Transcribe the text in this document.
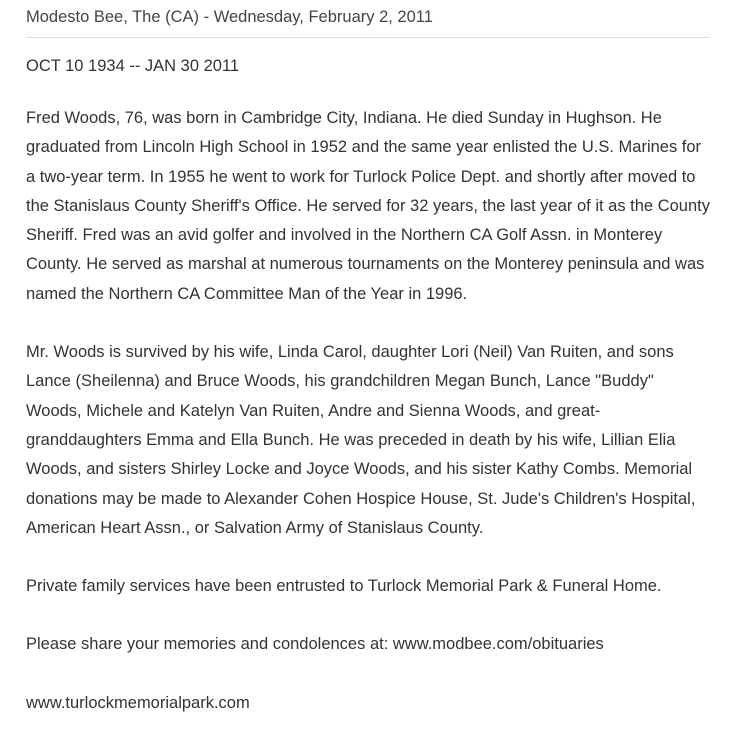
Modesto Bee, The (CA) - Wednesday, February 2, 2011
OCT 10 1934 -- JAN 30 2011

Fred Woods, 76, was born in Cambridge City, Indiana. He died Sunday in Hughson. He graduated from Lincoln High School in 1952 and the same year enlisted the U.S. Marines for a two-year term. In 1955 he went to work for Turlock Police Dept. and shortly after moved to the Stanislaus County Sheriff's Office. He served for 32 years, the last year of it as the County Sheriff. Fred was an avid golfer and involved in the Northern CA Golf Assn. in Monterey County. He served as marshal at numerous tournaments on the Monterey peninsula and was named the Northern CA Committee Man of the Year in 1996.

Mr. Woods is survived by his wife, Linda Carol, daughter Lori (Neil) Van Ruiten, and sons Lance (Sheilenna) and Bruce Woods, his grandchildren Megan Bunch, Lance "Buddy" Woods, Michele and Katelyn Van Ruiten, Andre and Sienna Woods, and great-granddaughters Emma and Ella Bunch. He was preceded in death by his wife, Lillian Elia Woods, and sisters Shirley Locke and Joyce Woods, and his sister Kathy Combs. Memorial donations may be made to Alexander Cohen Hospice House, St. Jude's Children's Hospital, American Heart Assn., or Salvation Army of Stanislaus County.

Private family services have been entrusted to Turlock Memorial Park & Funeral Home.

Please share your memories and condolences at: www.modbee.com/obituaries

www.turlockmemorialpark.com
